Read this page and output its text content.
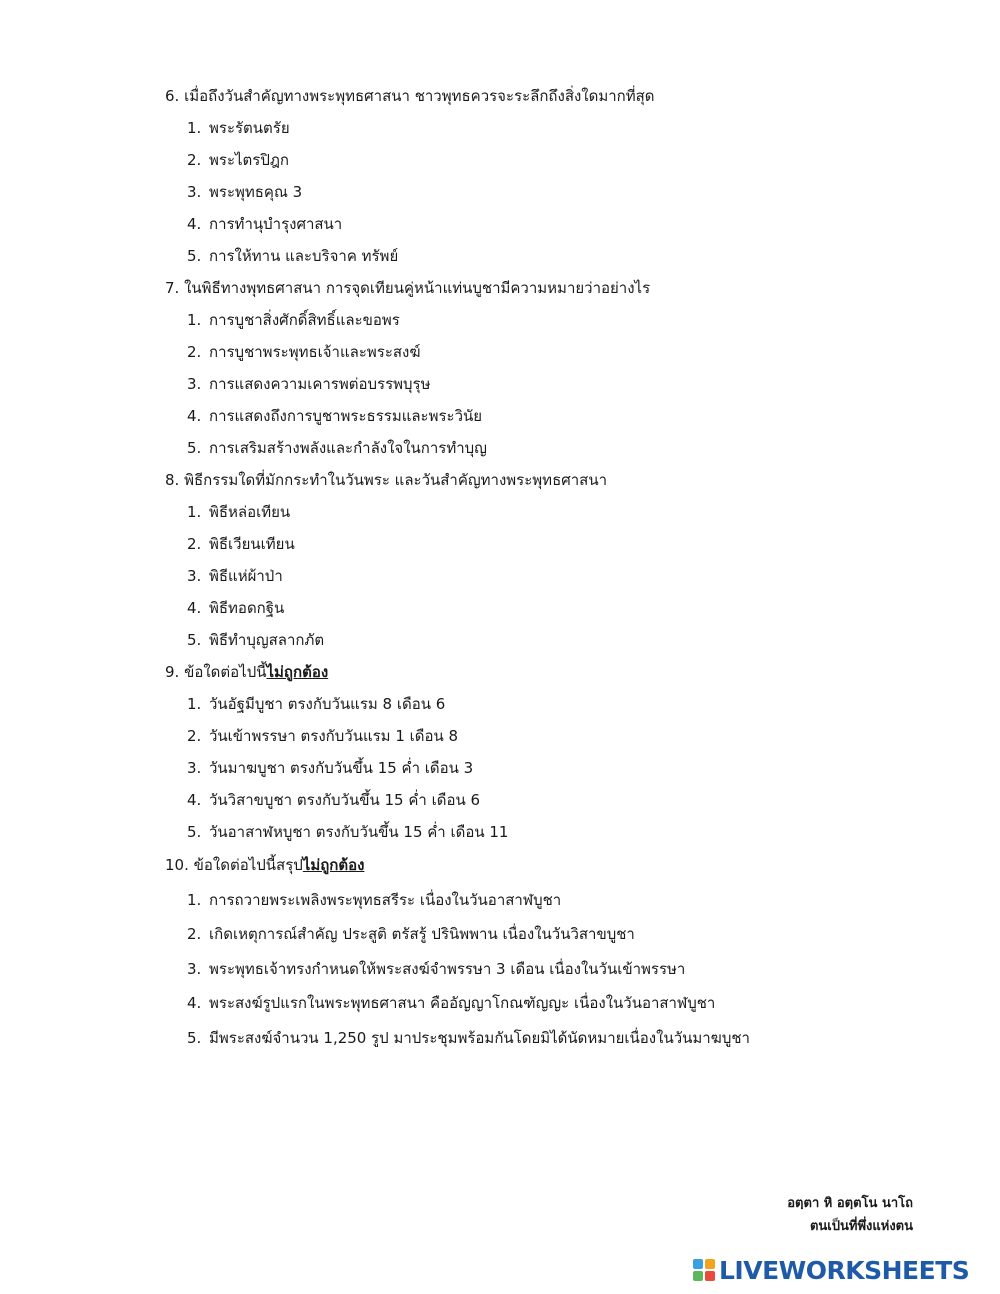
6. เมื่อถึงวันสำคัญทางพระพุทธศาสนา ชาวพุทธควรจะระลึกถึงสิ่งใดมากที่สุด
1. พระรัตนตรัย
2. พระไตรปิฎก
3. พระพุทธคุณ 3
4. การทำนุบำรุงศาสนา
5. การให้ทาน และบริจาค ทรัพย์
7. ในพิธีทางพุทธศาสนา การจุดเทียนคู่หน้าแท่นบูชามีความหมายว่าอย่างไร
1. การบูชาสิ่งศักดิ์สิทธิ์และขอพร
2. การบูชาพระพุทธเจ้าและพระสงฆ์
3. การแสดงความเคารพต่อบรรพบุรุษ
4. การแสดงถึงการบูชาพระธรรมและพระวินัย
5. การเสริมสร้างพลังและกำลังใจในการทำบุญ
8. พิธีกรรมใดที่มักกระทำในวันพระ และวันสำคัญทางพระพุทธศาสนา
1. พิธีหล่อเทียน
2. พิธีเวียนเทียน
3. พิธีแห่ผ้าป่า
4. พิธีทอดกฐิน
5. พิธีทำบุญสลากภัต
9. ข้อใดต่อไปนี้ไม่ถูกต้อง
1. วันอัฐมีบูชา ตรงกับวันแรม 8 เดือน 6
2. วันเข้าพรรษา ตรงกับวันแรม 1 เดือน 8
3. วันมาฆบูชา ตรงกับวันขึ้น 15 ค่ำ เดือน 3
4. วันวิสาขบูชา ตรงกับวันขึ้น 15 ค่ำ เดือน 6
5. วันอาสาฬหบูชา ตรงกับวันขึ้น 15 ค่ำ เดือน 11
10. ข้อใดต่อไปนี้สรุปไม่ถูกต้อง
1. การถวายพระเพลิงพระพุทธสรีระ เนื่องในวันอาสาฬบูชา
2. เกิดเหตุการณ์สำคัญ ประสูติ ตรัสรู้ ปรินิพพาน เนื่องในวันวิสาขบูชา
3. พระพุทธเจ้าทรงกำหนดให้พระสงฆ์จำพรรษา 3 เดือน เนื่องในวันเข้าพรรษา
4. พระสงฆ์รูปแรกในพระพุทธศาสนา คืออัญญาโกณฑัญญะ เนื่องในวันอาสาฬบูชา
5. มีพระสงฆ์จำนวน 1,250 รูป มาประชุมพร้อมกันโดยมิได้นัดหมายเนื่องในวันมาฆบูชา
อตฺตา หิ อตฺตโน นาโถ
ตนเป็นที่พึ่งแห่งตน
LIVEWORKSHEETS
